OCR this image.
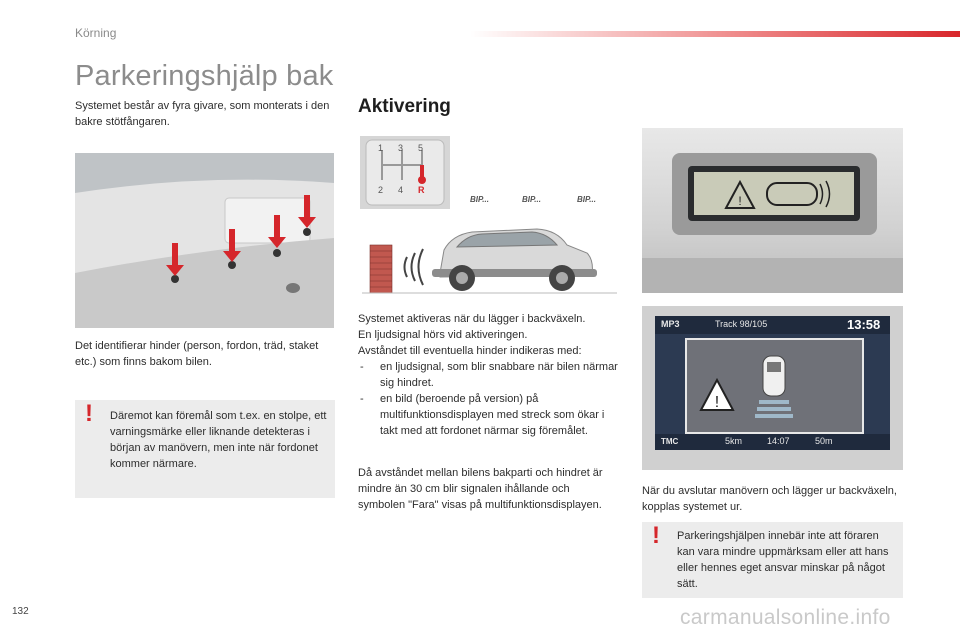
Körning
Parkeringshjälp bak
Systemet består av fyra givare, som monterats i den bakre stötfångaren.
Det identifierar hinder (person, fordon, träd, staket etc.) som finns bakom bilen.
! Däremot kan föremål som t.ex. en stolpe, ett varningsmärke eller liknande detekteras i början av manövern, men inte när fordonet kommer närmare.
Aktivering
1 3 5
2 4 R
BIP...	BIP...	BIP...
Systemet aktiveras när du lägger i backväxeln.
En ljudsignal hörs vid aktiveringen.
Avståndet till eventuella hinder indikeras med:
- en ljudsignal, som blir snabbare när bilen närmar sig hindret.
- en bild (beroende på version) på multifunktionsdisplayen med streck som ökar i takt med att fordonet närmar sig föremålet.
Då avståndet mellan bilens bakparti och hindret är mindre än 30 cm blir signalen ihållande och symbolen "Fara" visas på multifunktionsdisplayen.
!
MP3	Track 98/105	13:58
!
TMC	5km	14:07	50m
När du avslutar manövern och lägger ur backväxeln, kopplas systemet ur.
! Parkeringshjälpen innebär inte att föraren kan vara mindre uppmärksam eller att hans eller hennes eget ansvar minskar på något sätt.
132	carmanualsonline.info
